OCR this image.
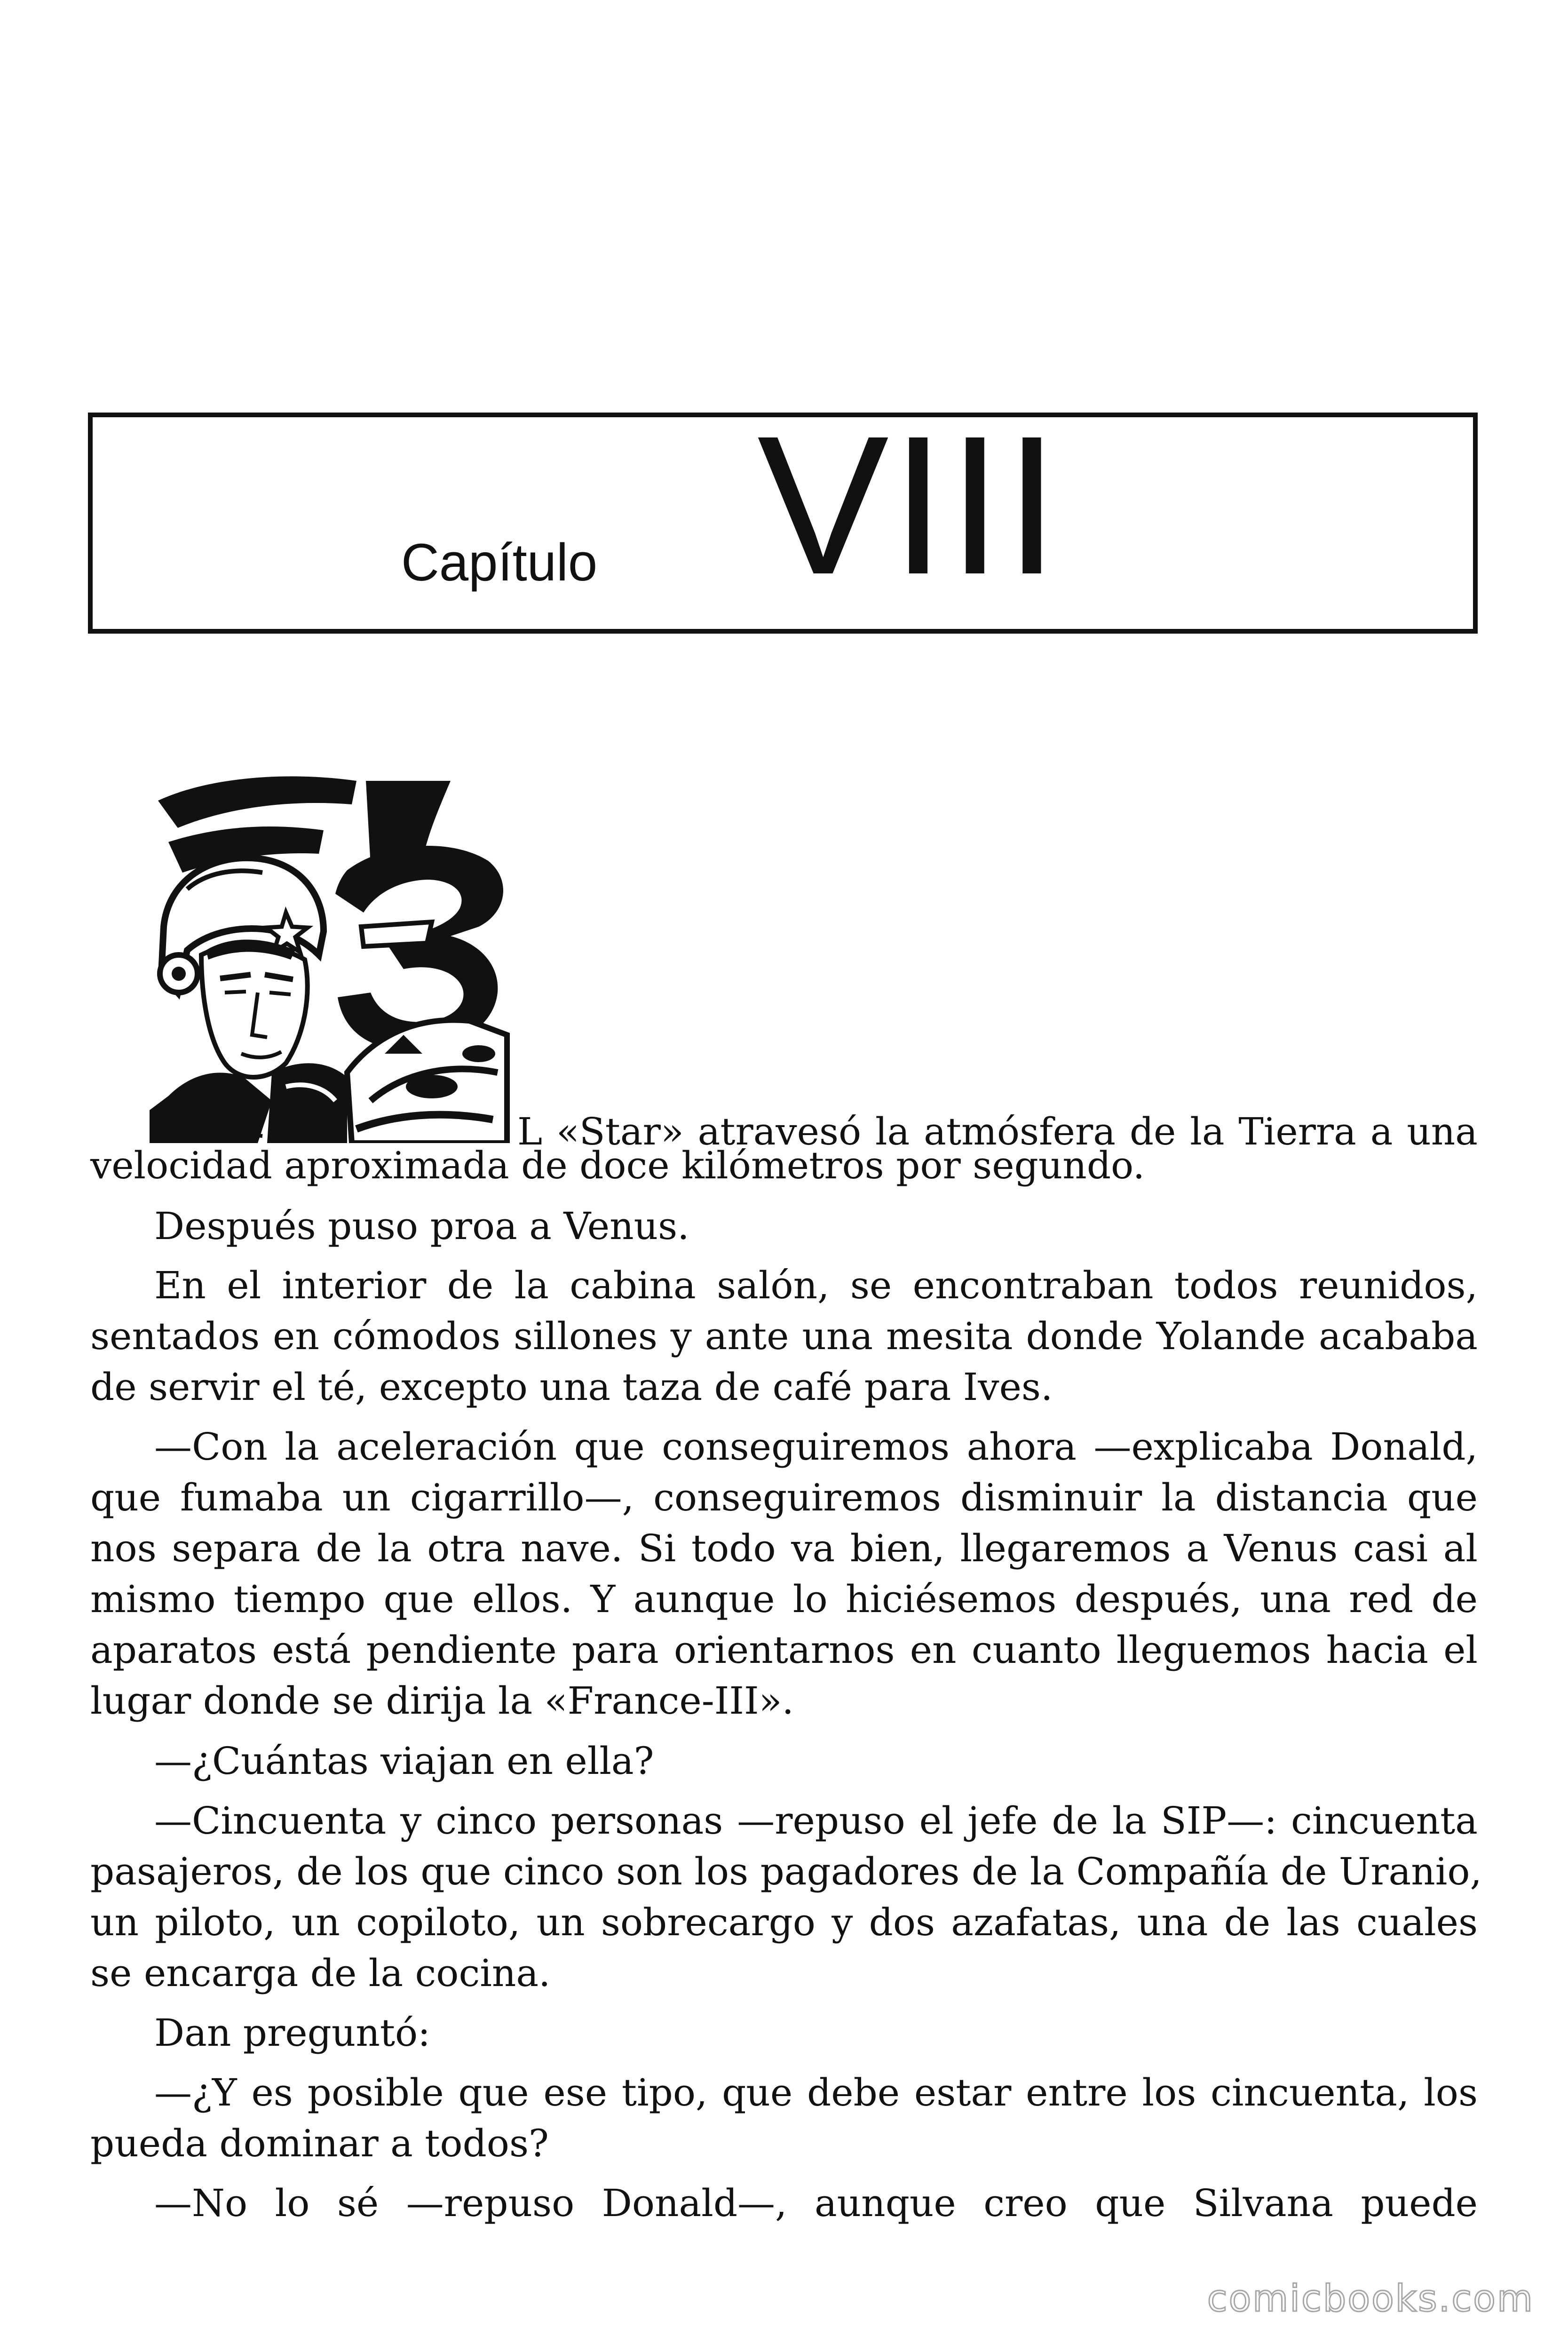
Capítulo VIII
L «Star» atravesó la atmósfera de la Tierra a una
velocidad aproximada de doce kilómetros por segundo.
Después puso proa a Venus.
En el interior de la cabina salón, se encontraban todos reunidos,
sentados en cómodos sillones y ante una mesita donde Yolande acababa
de servir el té, excepto una taza de café para Ives.
—Con la aceleración que conseguiremos ahora —explicaba Donald,
que fumaba un cigarrillo—, conseguiremos disminuir la distancia que
nos separa de la otra nave. Si todo va bien, llegaremos a Venus casi al
mismo tiempo que ellos. Y aunque lo hiciésemos después, una red de
aparatos está pendiente para orientarnos en cuanto lleguemos hacia el
lugar donde se dirija la «France-III».
—¿Cuántas viajan en ella?
—Cincuenta y cinco personas —repuso el jefe de la SIP—: cincuenta
pasajeros, de los que cinco son los pagadores de la Compañía de Uranio,
un piloto, un copiloto, un sobrecargo y dos azafatas, una de las cuales
se encarga de la cocina.
Dan preguntó:
—¿Y es posible que ese tipo, que debe estar entre los cincuenta, los
pueda dominar a todos?
—No lo sé —repuso Donald—, aunque creo que Silvana puede
comicbooks.com
